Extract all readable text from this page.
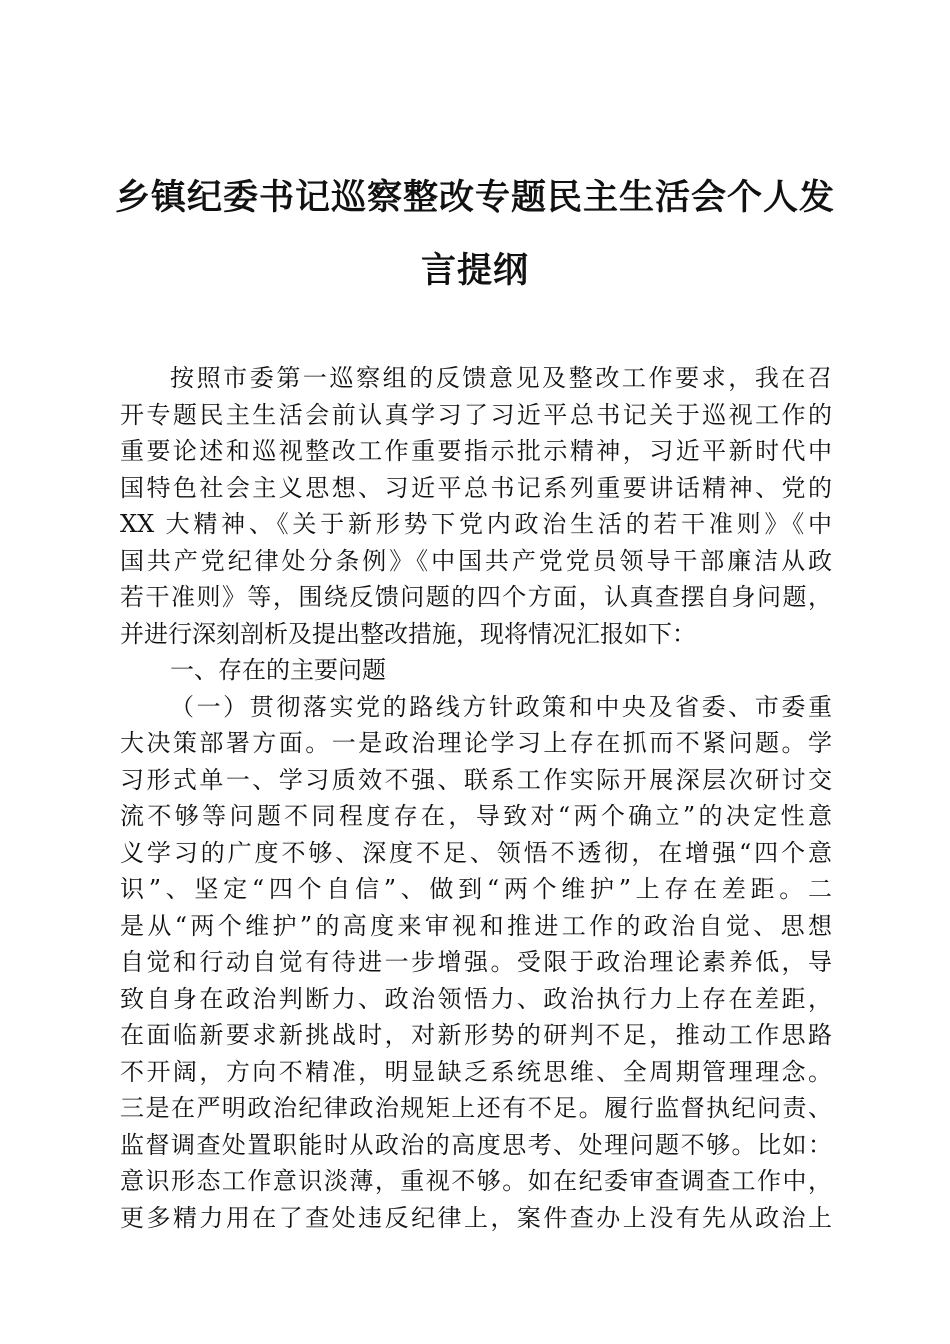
乡镇纪委书记巡察整改专题民主生活会个人发
言提纲
按照市委第一巡察组的反馈意见及整改工作要求，我在召
开专题民主生活会前认真学习了习近平总书记关于巡视工作的
重要论述和巡视整改工作重要指示批示精神，习近平新时代中
国特色社会主义思想、习近平总书记系列重要讲话精神、党的
XX 大精神、《关于新形势下党内政治生活的若干准则》《中
国共产党纪律处分条例》《中国共产党党员领导干部廉洁从政
若干准则》等，围绕反馈问题的四个方面，认真查摆自身问题，
并进行深刻剖析及提出整改措施，现将情况汇报如下：
一、存在的主要问题
（一）贯彻落实党的路线方针政策和中央及省委、市委重
大决策部署方面。一是政治理论学习上存在抓而不紧问题。学
习形式单一、学习质效不强、联系工作实际开展深层次研讨交
流不够等问题不同程度存在，导致对“两个确立”的决定性意
义学习的广度不够、深度不足、领悟不透彻，在增强“四个意
识”、坚定“四个自信”、做到“两个维护”上存在差距。二
是从“两个维护”的高度来审视和推进工作的政治自觉、思想
自觉和行动自觉有待进一步增强。受限于政治理论素养低，导
致自身在政治判断力、政治领悟力、政治执行力上存在差距，
在面临新要求新挑战时，对新形势的研判不足，推动工作思路
不开阔，方向不精准，明显缺乏系统思维、全周期管理理念。
三是在严明政治纪律政治规矩上还有不足。履行监督执纪问责、
监督调查处置职能时从政治的高度思考、处理问题不够。比如：
意识形态工作意识淡薄，重视不够。如在纪委审查调查工作中，
更多精力用在了查处违反纪律上，案件查办上没有先从政治上
